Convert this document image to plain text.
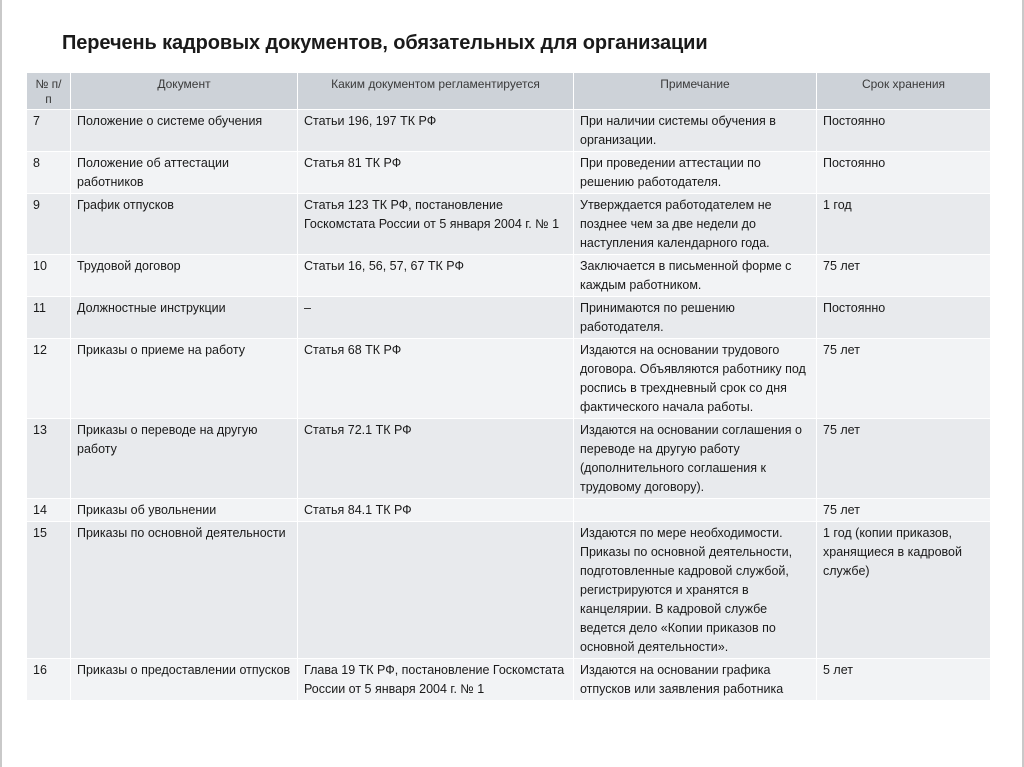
Перечень кадровых документов, обязательных для организации
№ п/п	Документ	Каким документом регламентируется	Примечание	Срок хранения
7	Положение о системе обучения	Статьи 196, 197 ТК РФ	При наличии системы обучения в организации.	Постоянно
8	Положение об аттестации работников	Статья 81 ТК РФ	При проведении аттестации по решению работодателя.	Постоянно
9	График отпусков	Статья 123 ТК РФ, постановление Госкомстата России от 5 января 2004 г. № 1	Утверждается работодателем не позднее чем за две недели до наступления календарного года.	1 год
10	Трудовой договор	Статьи 16, 56, 57, 67 ТК РФ	Заключается в письменной форме с каждым работником.	75 лет
11	Должностные инструкции	–	Принимаются по решению работодателя.	Постоянно
12	Приказы о приеме на работу	Статья 68 ТК РФ	Издаются на основании трудового договора. Объявляются работнику под роспись в трехдневный срок со дня фактического начала работы.	75 лет
13	Приказы о переводе на другую работу	Статья 72.1 ТК РФ	Издаются на основании соглашения о переводе на другую работу (дополнительного соглашения к трудовому договору).	75 лет
14	Приказы об увольнении	Статья 84.1 ТК РФ		75 лет
15	Приказы по основной деятельности		Издаются по мере необходимости. Приказы по основной деятельности, подготовленные кадровой службой, регистрируются и хранятся в канцелярии. В кадровой службе ведется дело «Копии приказов по основной деятельности».	1 год (копии приказов, хранящиеся в кадровой службе)
16	Приказы о предоставлении отпусков	Глава 19 ТК РФ, постановление Госкомстата России от 5 января 2004 г. № 1	Издаются на основании графика отпусков или заявления работника	5 лет
